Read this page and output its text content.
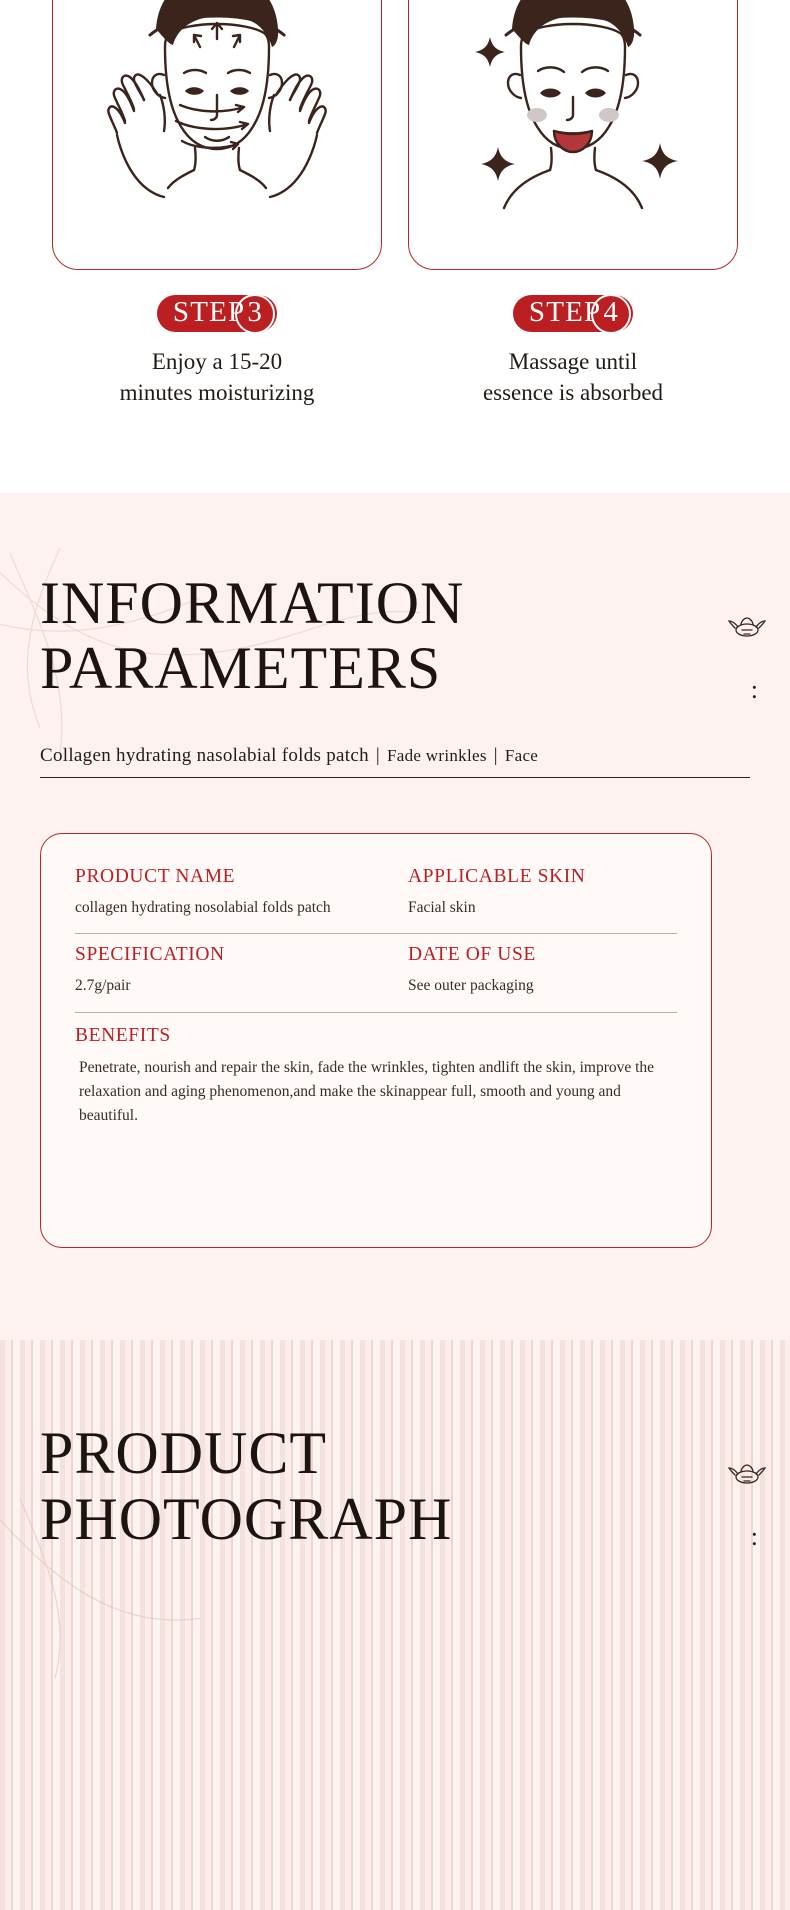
STEP 3
Enjoy a 15-20
minutes moisturizing
STEP 4
Massage until
essence is absorbed
INFORMATION
PARAMETERS	:
Collagen hydrating nasolabial folds patch | Fade wrinkles | Face
PRODUCT NAME
collagen hydrating nosolabial folds patch
APPLICABLE SKIN
Facial skin
SPECIFICATION
2.7g/pair
DATE OF USE
See outer packaging
BENEFITS
Penetrate, nourish and repair the skin, fade the wrinkles, tighten andlift the skin, improve the relaxation and aging phenomenon,and make the skinappear full, smooth and young and beautiful.
PRODUCT
PHOTOGRAPH	:
